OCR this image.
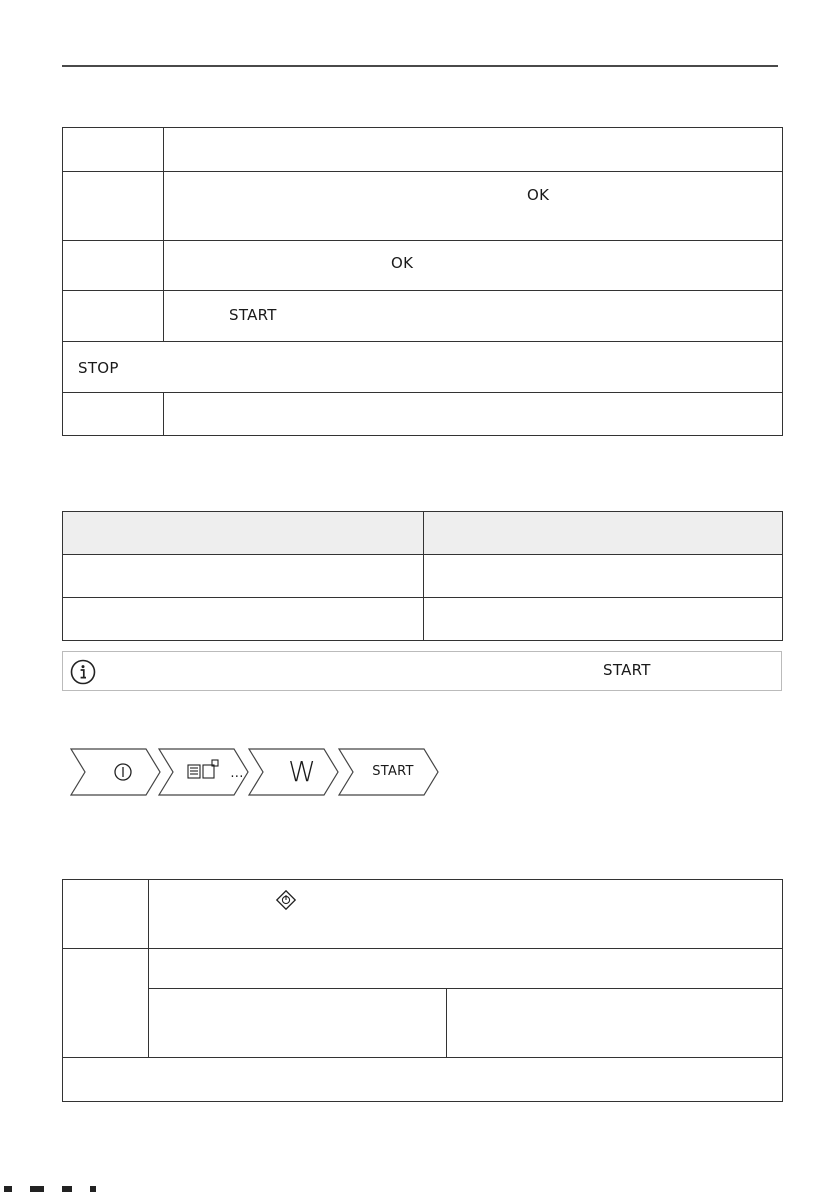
	OK

	OK

	START

STOP	

START
...	W	START
